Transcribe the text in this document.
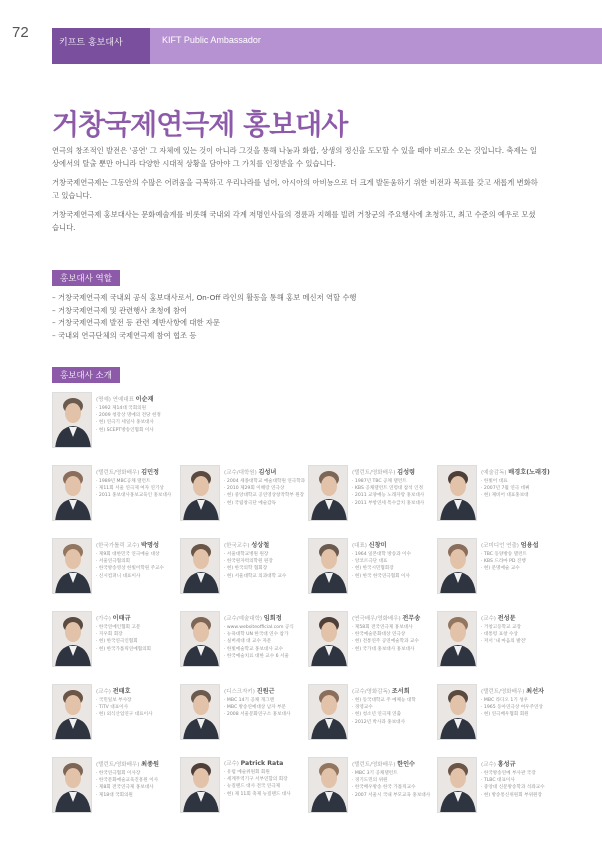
72
키프트 홍보대사	KIFT Public Ambassador
거창국제연극제 홍보대사

연극의 창조적인 발전은 '공연' 그 자체에 있는 것이 아니라 그것을 통해 나눔과 화합, 상생의 정신을 도모할 수 있을 때야 비로소 오는 것입니다. 축제는 일상에서의 탈출 뿐만 아니라 다양한 시대적 상황을 담아야 그 가치를 인정받을 수 있습니다.

거창국제연극제는 그동안의 수많은 어려움을 극복하고 우리나라를 넘어, 아시아의 아비뇽으로 더 크게 발돋움하기 위한 비전과 목표를 갖고 새롭게 변화하고 있습니다.

거창국제연극제 홍보대사는 문화예술계를 비롯해 국내외 각계 저명인사들의 경륜과 지혜를 빌려 거창군의 주요행사에 초청하고, 최고 수준의 예우로 모셨습니다.

홍보대사 역할
– 거창국제연극제 국내외 공식 홍보대사로서, On-Off 라인의 활동을 통해 홍보 메신저 역할 수행
– 거창국제연극제 및 관련행사 초청에 참여
– 거창국제연극제 발전 등 관련 제반사항에 대한 자문
– 국내외 연극단체의 국제연극제 참여 협조 등
홍보대사 소개
(명예) 연예대표 이순재
· 1992 제14대 국회의원
· 2009 청강상 명예의 전당 헌정
· 현) 연극기 세일사 홍보대사
· 현) SCEPT방송인협회 이사
(탤런트/영화배우) 김민정
· 1989년 MBC공채 탤런트
· 제11회 서울 연극제 여자 연기상
· 2011 홍보대사홍보교육인 홍보대사
(교수/대학원) 김성녀
· 2004 세종대학교 예술대학원 연극학과
· 2010 제29회 이해랑 연극상
· 현) 중앙대학교 공연영상창작학부 원장
· 현) 국립창극단 예술감독
(탤런트/영화배우) 김성령
· 1987년 TBC 공채 탤런트
· KBS 공채탤런트 연령대 참석 인정
· 2011 교양예능 노래자랑 홍보대사
· 2011 부항연세 특수급치 홍보대사
(예술감독) 배경호(노래경)
· 한빛어 대표
· 2007년 7월 연극 데뷔
· 현) 제비어 대표홍보대
(한국가톨릭 교수) 박명성
· 제9회 대한민국 연극예술 대상
· 서울연극협의회
· 한국방송영상 한빛어학원 주교수
· 신시컴퍼니 대표이사
(한국교수) 성상철
· 서울대학교병원 원장
· 한국원자력의학원 원장
· 현) 한국의학 협회장
· 현) 서울대학교 의과대학 교수
(대표) 신창미
· 1964 일본대학 방송과 이수
· 앙코르극단 대표
· 현) 한국시민협회장
· 현) 한국 한국연극협회 이사
(코미디언 연출) 엄용섭
· TBC 동양방송 탤런트
· KBS 드라마 PD 진행
· 현) 문명예술 교수
(가수) 이태규
· 한국연예인협회 고문
· 지우회 회장
· 현) 한국연극인협회
· 현) 한국가톨릭연예협의회
(교수/예술대학) 임희정
· www.websiteofficial.com 공식
· 뉴욕대학 UN 한국대 연수 참가
· 실버세대 대 교수 자문
· 한빛예술학교 홍보대사 교수
· 한국예술치료 대한 교수 6 서울
(연극배우/영화배우) 전무송
· 제58회 전국연극제 홍보대사
· 한국예술문화대상 연극상
· 현) 전통연주 공연예술학과 교수
· 현) 국가대 홍보대사 홍보대사
(교수) 전성문
· 거창고등학교 교장
· 대통령 표창 수상
· 저서 '내 마음의 발견'
(교수) 전태호
· 국민일보 부사장
· TiTV 대표이사
· 현) 외식산업연구 대표이사
(디스크자키) 진원근
· MBC 14기 공채 개그맨
· MBC 방송연예대상 남자 부문
· 2008 서울문화연구소 홍보대사
(교수/영화감독) 조서희
· 현) 동국대학교 주 예체능 대학
· 경영교수
· 현) 청소년 연극제 연출
· 2012년 박사과 홍보대사
(탤런트/영화배우) 최선자
· MBC 라디오 1기 성우
· 1965 동아연극상 여우주연상
· 현) 연극배우협회 회원
(탤런트/영화배우) 최종원
· 한국연극협회 이사장
· 한국문화예술교육진흥원 이사
· 제8회 전국연극제 홍보대사
· 제18대 국회의원
(교수) Patrick Rata
· 유럽 예술위원회 회원
· 세계무역기구 서부연합의 회장
· 뉴질랜드 대사 전국 연극제
· 현) 제 11회 축제 뉴질랜드 대사
(탤런트/영화배우) 한인수
· MBC 3기 공채탤런트
· 경기도민의 위원
· 한국배우방송 한국 가톨릭교수
· 2007 서울시 국내 부모교육 홍보대사
(교수) 홍성규
· 한국방송연예 부사관 국장
· TLBC 대표이사
· 중앙대 신문방송학과 석좌교수
· 현) 방송통신위원회 부위원장
